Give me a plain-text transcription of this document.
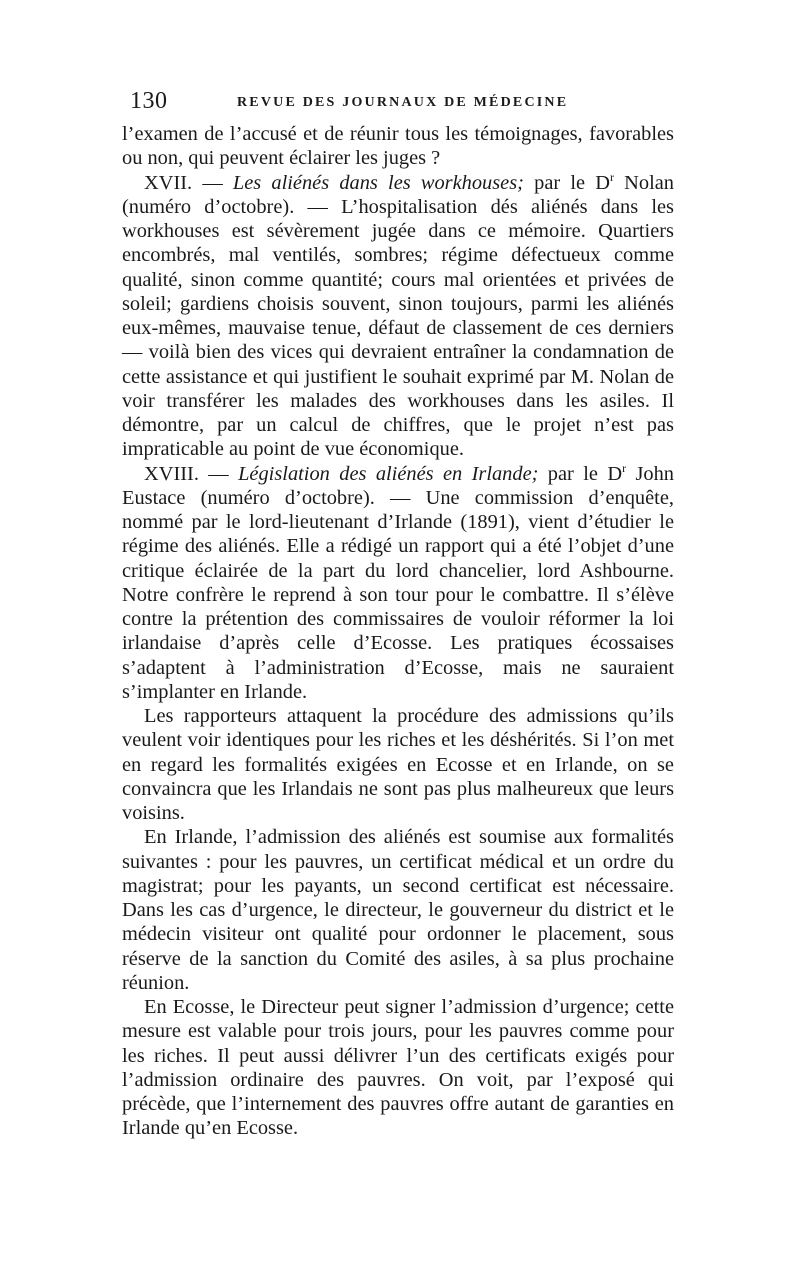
130	REVUE DES JOURNAUX DE MÉDECINE

l’examen de l’accusé et de réunir tous les témoignages, favorables ou non, qui peuvent éclairer les juges ?

XVII. — Les aliénés dans les workhouses; par le $D^r$ Nolan (numéro d’octobre). — L’hospitalisation dés aliénés dans les workhouses est sévèrement jugée dans ce mémoire. Quartiers encombrés, mal ventilés, sombres; régime défectueux comme qualité, sinon comme quantité; cours mal orientées et privées de soleil; gardiens choisis souvent, sinon toujours, parmi les aliénés eux-mêmes, mauvaise tenue, défaut de classement de ces derniers — voilà bien des vices qui devraient entraîner la condamnation de cette assistance et qui justifient le souhait exprimé par M. Nolan de voir transférer les malades des workhouses dans les asiles. Il démontre, par un calcul de chiffres, que le projet n’est pas impraticable au point de vue économique.

XVIII. — Législation des aliénés en Irlande; par le $D^r$ John Eustace (numéro d’octobre). — Une commission d’enquête, nommé par le lord-lieutenant d’Irlande (1891), vient d’étudier le régime des aliénés. Elle a rédigé un rapport qui a été l’objet d’une critique éclairée de la part du lord chancelier, lord Ashbourne. Notre confrère le reprend à son tour pour le combattre. Il s’élève contre la prétention des commissaires de vouloir réformer la loi irlandaise d’après celle d’Ecosse. Les pratiques écossaises s’adaptent à l’administration d’Ecosse, mais ne sauraient s’implanter en Irlande.

Les rapporteurs attaquent la procédure des admissions qu’ils veulent voir identiques pour les riches et les déshérités. Si l’on met en regard les formalités exigées en Ecosse et en Irlande, on se convaincra que les Irlandais ne sont pas plus malheureux que leurs voisins.

En Irlande, l’admission des aliénés est soumise aux formalités suivantes : pour les pauvres, un certificat médical et un ordre du magistrat; pour les payants, un second certificat est nécessaire. Dans les cas d’urgence, le directeur, le gouverneur du district et le médecin visiteur ont qualité pour ordonner le placement, sous réserve de la sanction du Comité des asiles, à sa plus prochaine réunion.

En Ecosse, le Directeur peut signer l’admission d’urgence; cette mesure est valable pour trois jours, pour les pauvres comme pour les riches. Il peut aussi délivrer l’un des certificats exigés pour l’admission ordinaire des pauvres. On voit, par l’exposé qui précède, que l’internement des pauvres offre autant de garanties en Irlande qu’en Ecosse.
